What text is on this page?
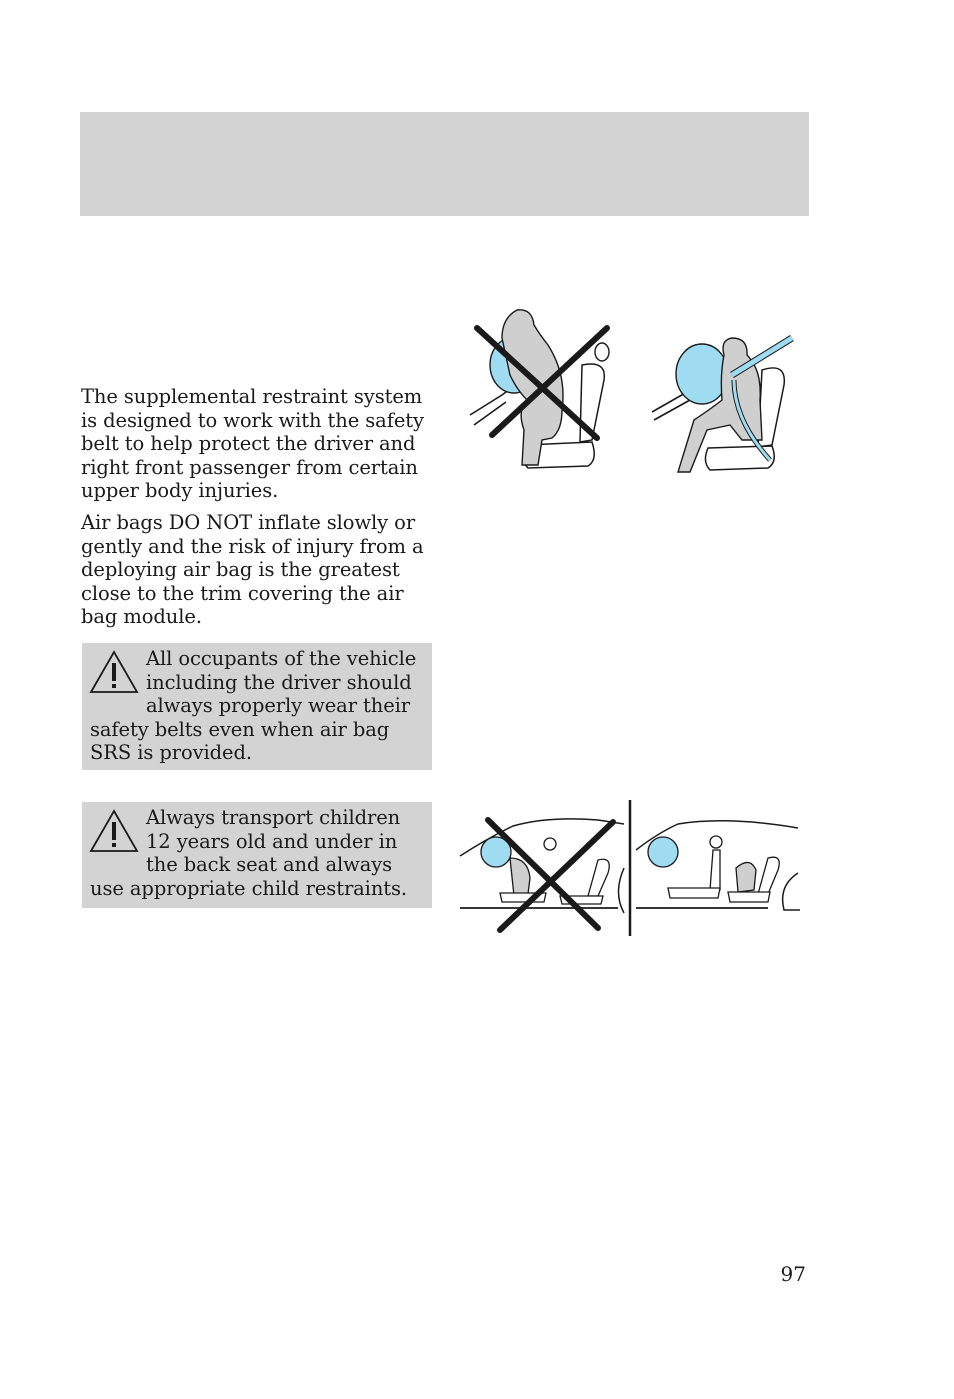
The supplemental restraint system is designed to work with the safety belt to help protect the driver and right front passenger from certain upper body injuries.

Air bags DO NOT inflate slowly or gently and the risk of injury from a deploying air bag is the greatest close to the trim covering the air bag module.

All occupants of the vehicle including the driver should always properly wear their safety belts even when air bag SRS is provided.
Always transport children 12 years old and under in the back seat and always use appropriate child restraints.
97
